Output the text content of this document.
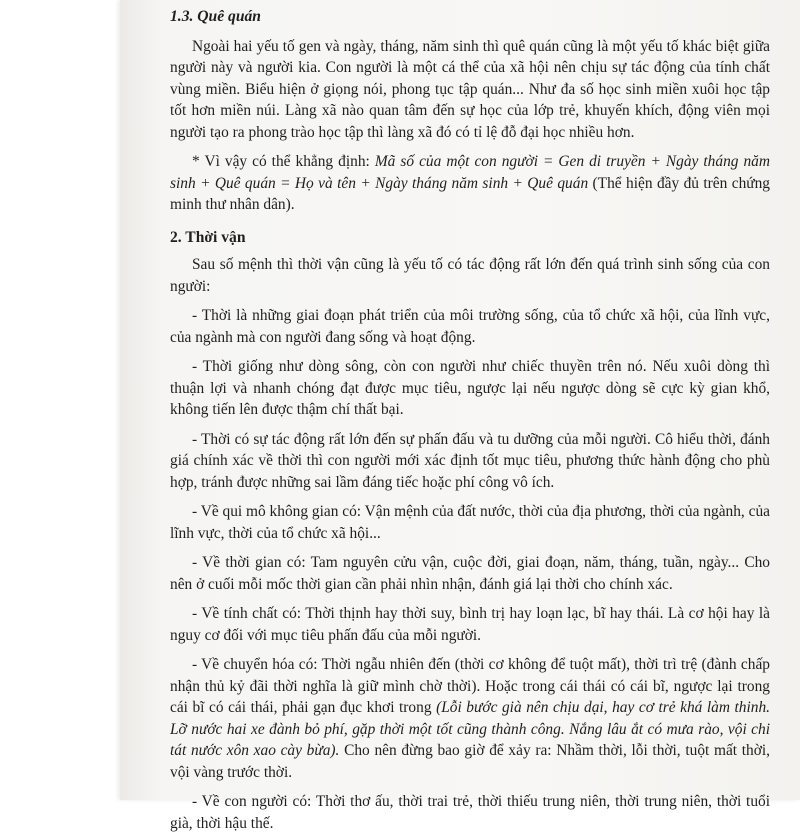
1.3. Quê quán

Ngoài hai yếu tố gen và ngày, tháng, năm sinh thì quê quán cũng là một yếu tố khác biệt giữa người này và người kia. Con người là một cá thể của xã hội nên chịu sự tác động của tính chất vùng miền. Biểu hiện ở giọng nói, phong tục tập quán... Như đa số học sinh miền xuôi học tập tốt hơn miền núi. Làng xã nào quan tâm đến sự học của lớp trẻ, khuyến khích, động viên mọi người tạo ra phong trào học tập thì làng xã đó có tỉ lệ đỗ đại học nhiều hơn.

* Vì vậy có thể khẳng định: Mã số của một con người = Gen di truyền + Ngày tháng năm sinh + Quê quán = Họ và tên + Ngày tháng năm sinh + Quê quán (Thể hiện đầy đủ trên chứng minh thư nhân dân).

2. Thời vận

Sau số mệnh thì thời vận cũng là yếu tố có tác động rất lớn đến quá trình sinh sống của con người:

- Thời là những giai đoạn phát triển của môi trường sống, của tổ chức xã hội, của lĩnh vực, của ngành mà con người đang sống và hoạt động.

- Thời giống như dòng sông, còn con người như chiếc thuyền trên nó. Nếu xuôi dòng thì thuận lợi và nhanh chóng đạt được mục tiêu, ngược lại nếu ngược dòng sẽ cực kỳ gian khổ, không tiến lên được thậm chí thất bại.

- Thời có sự tác động rất lớn đến sự phấn đấu và tu dưỡng của mỗi người. Cô hiểu thời, đánh giá chính xác về thời thì con người mới xác định tốt mục tiêu, phương thức hành động cho phù hợp, tránh được những sai lầm đáng tiếc hoặc phí công vô ích.

- Về qui mô không gian có: Vận mệnh của đất nước, thời của địa phương, thời của ngành, của lĩnh vực, thời của tổ chức xã hội...

- Về thời gian có: Tam nguyên cửu vận, cuộc đời, giai đoạn, năm, tháng, tuần, ngày... Cho nên ở cuối mỗi mốc thời gian cần phải nhìn nhận, đánh giá lại thời cho chính xác.

- Về tính chất có: Thời thịnh hay thời suy, bình trị hay loạn lạc, bĩ hay thái. Là cơ hội hay là nguy cơ đối với mục tiêu phấn đấu của mỗi người.

- Về chuyển hóa có: Thời ngẫu nhiên đến (thời cơ không để tuột mất), thời trì trệ (đành chấp nhận thủ kỷ đãi thời nghĩa là giữ mình chờ thời). Hoặc trong cái thái có cái bĩ, ngược lại trong cái bĩ có cái thái, phải gạn đục khơi trong (Lỗi bước già nên chịu dại, hay cơ trẻ khá làm thinh. Lỡ nước hai xe đành bỏ phí, gặp thời một tốt cũng thành công. Nắng lâu ắt có mưa rào, vội chi tát nước xôn xao cày bừa). Cho nên đừng bao giờ để xảy ra: Nhầm thời, lỗi thời, tuột mất thời, vội vàng trước thời.

- Về con người có: Thời thơ ấu, thời trai trẻ, thời thiếu trung niên, thời trung niên, thời tuổi già, thời hậu thế.
